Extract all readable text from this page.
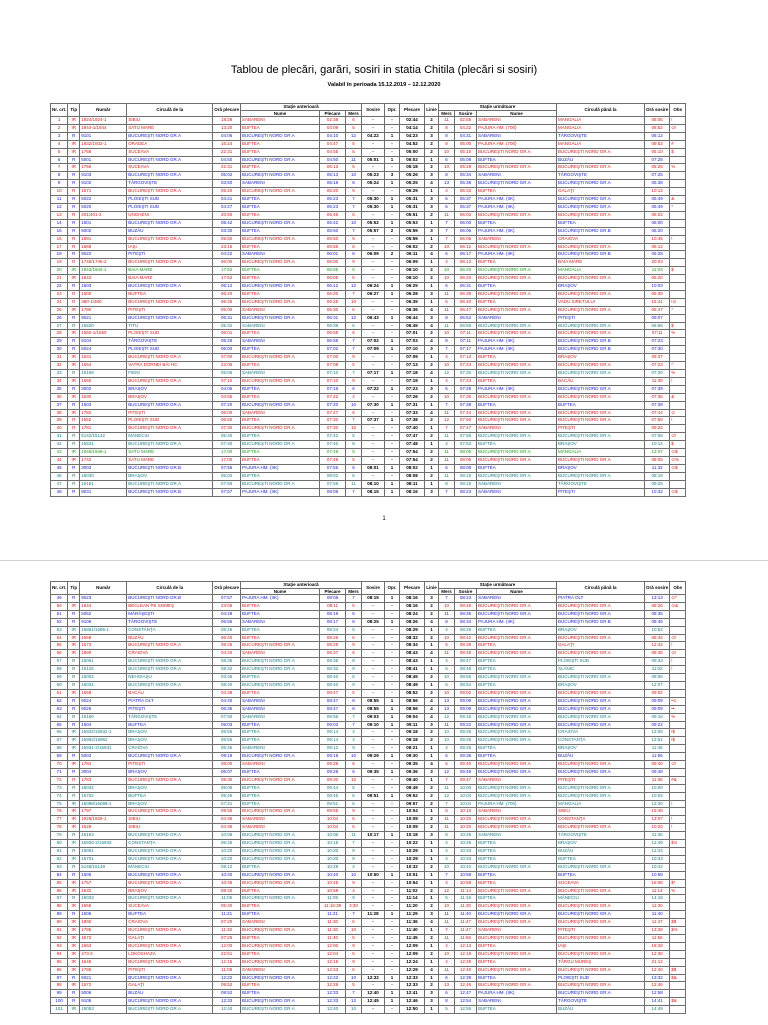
Tablou de plecări, garări, sosiri in statia Chitila (plecări si sosiri)
Valabil în perioada 15.12.2019 – 12.12.2020
Nr. crt.	Tip	Număr	Circulă de la	Oră plecare	Staţie anterioară			Sosire	Opr.	Plecare	Linie	Staţie următoare			Circulă până la	Oră sosire	Obs
					Nume	Plecare	Mers					Mers	Sosire	Nume			
1	IR	1924/1924-1	SIBIU	18:28	SABARENI	02:38	6	-	-	02:44	2	11	02:55	SABARENI	MANGALIA	08:05	!
2	IR	1944-1/1944	SATU MARE	13:20	BUFTEA	04:09	5	-	-	04:14	2	8	04:22	PAJURA HM. (700)	MANGALIA	08:52	⊙!
3	R	9101	BUCUREŞTI NORD GR.A	04:06	BUCUREŞTI NORD GR.A	04:10	12	04:22	1	04:23	3	8	04:31	SABARENI	TÂRGOVIŞTE	06:12	
4	IR	1932/1932-1	ORADEA	16:24	BUFTEA	04:47	5	-	-	04:52	2	8	05:00	PAJURA HM. (700)	MANGALIA	09:53	#
5	IR	1768	SUCEAVA	22:31	BUFTEA	04:55	5	-	-	05:00	2	10	05:10	BUCUREŞTI NORD GR.A	BUCUREŞTI NORD GR.A	05:10	$
6	R	5001	BUCUREŞTI NORD GR.A	04:50	BUCUREŞTI NORD GR.A	04:50	11	05:01	1	05:02	1	6	05:08	BUFTEA	BUZĂU	07:28	
7	IR	1766	SUCEAVA	22:31	BUFTEA	05:13	5	-	-	05:18	2	10	05:28	BUCUREŞTI NORD GR.A	BUCUREŞTI NORD GR.A	05:28	%
8	R	9103	BUCUREŞTI NORD GR.A	05:02	BUCUREŞTI NORD GR.A	05:13	10	05:23	3	05:26	3	8	05:34	SABARENI	TÂRGOVIŞTE	07:25	
9	R	9102	TÂRGOVIŞTE	03:50	SABARENI	05:16	8	05:24	1	05:25	4	13	05:38	BUCUREŞTI NORD GR.A	BUCUREŞTI NORD GR.A	05:38	
10	R	1571	BUCUREŞTI NORD GR.A	05:20	BUCUREŞTI NORD GR.A	05:20	9	-	-	05:29	1	4	05:33	BUFTEA	GALAŢI	10:12	
11	R	5022	PLOIEŞTI SUD	04:21	BUFTEA	05:23	7	05:30	1	05:31	3	6	05:37	PAJURA HM. (IIK)	BUCUREŞTI NORD GR.A	05:49	&
12	R	5020	PLOIEŞTI SUD	04:27	BUFTEA	05:23	7	05:30	1	05:31	3	6	05:37	PAJURA HM. (IIK)	BUCUREŞTI NORD GR.A	05:49	*
13	R	401/401-2	UNGHENI	20:50	BUFTEA	05:46	5	-	-	05:51	2	11	06:02	BUCUREŞTI NORD GR.A	BUCUREŞTI NORD GR.A	06:02	
14	R	1501	BUCUREŞTI NORD GR.A	05:42	BUCUREŞTI NORD GR.A	05:42	10	05:52	1	05:53	1	7	06:00	BUFTEA	BUFTEA	06:00	
15	R	5002	BUZĂU	03:30	BUFTEA	05:50	7	05:57	2	05:59	3	7	06:06	PAJURA HM. (IIK)	BUCUREŞTI NORD GR.B	06:20	
16	R	1891	BUCUREŞTI NORD GR.A	05:50	BUCUREŞTI NORD GR.A	05:50	9	-	-	05:59	1	7	06:06	SABARENI	CRAIOVA	10:45	!
17	R	1668	IAŞI	23:15	BUFTEA	05:56	6	-	-	06:02	2	10	06:12	BUCUREŞTI NORD GR.A	BUCUREŞTI NORD GR.A	06:12	
18	R	9022	PITEŞTI	04:22	SABARENI	06:01	8	06:09	2	06:11	4	6	06:17	PAJURA HM. (IIK)	BUCUREŞTI NORD GR.B	06:28	
19	R	1745/1745-2	BUCUREŞTI NORD GR.A	06:00	BUCUREŞTI NORD GR.A	06:00	9	-	-	06:09	1	4	06:13	BUFTEA	BAIA MARE	20:03	
20	IR	1942/1942-1	BAIA MARE	17:52	BUFTEA	06:05	5	-	-	06:10	2	10	06:20	BUCUREŞTI NORD GR.A	MANGALIA	11:03	$
21	IR	1642	BAIA MARE	17:52	BUFTEA	06:05	5	-	-	06:10	2	10	06:20	BUCUREŞTI NORD GR.A	BUCUREŞTI NORD GR.A	06:20	
22	R	1503	BUCUREŞTI NORD GR.A	06:12	BUCUREŞTI NORD GR.A	06:12	12	06:24	1	06:25	1	6	06:31	BUFTEA	BRAŞOV	10:03	
23	R	1502	BUFTEA	06:20	BUFTEA	06:20	7	06:27	1	06:28	3	11	06:39	BUCUREŞTI NORD GR.A	BUCUREŞTI NORD GR.A	06:39	
24	R	380-1/380	BUCUREŞTI NORD GR.A	06:25	BUCUREŞTI NORD GR.A	06:25	10	-	-	06:35	1	5	06:40	BUFTEA	VADU SIRETULUI	15:41	!⊙
25	IR	1780	PITEŞTI	05:00	SABARENI	06:30	6	-	-	06:36	4	11	06:47	BUCUREŞTI NORD GR.A	BUCUREŞTI NORD GR.A	06:47	*
26	R	9021	BUCUREŞTI NORD GR.A	06:31	BUCUREŞTI NORD GR.A	06:31	12	06:43	1	06:44	3	8	06:52	SABARENI	PITEŞTI	09:07	
27	R	15520	TITU	05:32	SABARENI	06:39	6	-	-	06:45	4	11	06:56	BUCUREŞTI NORD GR.A	BUCUREŞTI NORD GR.A	06:56	$
28	IR	1550-1/1550	PLOIEŞTI SUD	06:01	BUFTEA	06:55	6	-	-	07:01	2	10	07:11	BUCUREŞTI NORD GR.A	BUCUREŞTI NORD GR.A	07:11	%
29	R	9104	TÂRGOVIŞTE	05:26	SABARENI	06:55	7	07:02	1	07:03	4	8	07:11	PAJURA HM. (IIK)	BUCUREŞTI NORD GR.B	07:23	
30	R	5024	PLOIEŞTI SUD	06:00	BUFTEA	07:02	7	07:09	1	07:10	3	7	07:17	PAJURA HM. (IIK)	BUCUREŞTI NORD GR.B	07:30	
31	IR	1631	BUCUREŞTI NORD GR.A	07:00	BUCUREŞTI NORD GR.A	07:00	9	-	-	07:09	1	4	07:13	BUFTEA	BRAŞOV	09:37	
32	IR	1654	VATRA DORNEI BĂI HC.	22:05	BUFTEA	07:08	5	-	-	07:13	2	10	07:23	BUCUREŞTI NORD GR.A	BUCUREŞTI NORD GR.A	07:23	^
33	R	15158	FIENI	05:05	SABARENI	07:10	7	07:17	1	07:18	4	12	07:30	BUCUREŞTI NORD GR.A	BUCUREŞTI NORD GR.A	07:30	%
34	IR	1650	BUCUREŞTI NORD GR.A	07:10	BUCUREŞTI NORD GR.A	07:10	9	-	-	07:19	1	4	07:23	BUFTEA	BACĂU	11:39	!
35	R	3002	BRAŞOV	04:05	BUFTEA	07:16	6	07:22	1	07:23	3	6	07:29	PAJURA HM. (IIK)	BUCUREŞTI NORD GR.A	07:39	
36	IR	1630	BRAŞOV	04:55	BUFTEA	07:22	4	-	-	07:26	2	10	07:36	BUCUREŞTI NORD GR.A	BUCUREŞTI NORD GR.A	07:36	&
37	R	1503	BUCUREŞTI NORD GR.A	07:20	BUCUREŞTI NORD GR.A	07:20	10	07:30	1	07:31	1	7	07:38	BUFTEA	BUFTEA	07:38	
38	IR	1782	PITEŞTI	06:00	SABARENI	07:27	6	-	-	07:33	4	11	07:44	BUCUREŞTI NORD GR.A	BUCUREŞTI NORD GR.A	07:44	⊙
39	R	1552	PLOIEŞTI SUD	06:50	BUFTEA	07:30	7	07:37	1	07:38	2	12	07:50	BUCUREŞTI NORD GR.A	BUCUREŞTI NORD GR.A	07:50	!
40	R	1781	BUCUREŞTI NORD GR.A	07:30	BUCUREŞTI NORD GR.A	07:30	10	-	-	07:40	1	7	07:47	SABARENI	PITEŞTI	09:22	
41	R	5142/15142	MĂNECIU	05:40	BUFTEA	07:42	5	-	-	07:47	2	11	07:58	BUCUREŞTI NORD GR.A	BUCUREŞTI NORD GR.A	07:58	⊙!
42	R	15531	BUCUREŞTI NORD GR.A	07:40	BUCUREŞTI NORD GR.A	07:40	8	-	-	07:48	1	4	07:52	BUFTEA	BRAŞOV	10:14	$
43	IR	1946/1946-1	SATU MARE	17:00	BUFTEA	07:49	5	-	-	07:54	2	11	08:05	BUCUREŞTI NORD GR.A	MANGALIA	13:07	⊙$
44	IR	1742	SATU MARE	17:00	BUFTEA	07:49	5	-	-	07:54	2	11	08:05	BUCUREŞTI NORD GR.A	BUCUREŞTI NORD GR.A	08:05	⊙%
45	R	3003	BUCUREŞTI NORD GR.B	07:55	PAJURA HM. (IIK)	07:55	6	08:01	1	08:02	1	6	08:08	BUFTEA	BRAŞOV	11:32	⊙$
46	R	16030	BRAŞOV	05:02	BUFTEA	08:02	6	-	-	08:08	2	11	08:19	BUCUREŞTI NORD GR.A	BUCUREŞTI NORD GR.A	08:19	
47	R	15161	BUCUREŞTI NORD GR.A	07:59	BUCUREŞTI NORD GR.A	07:59	11	08:10	1	08:11	1	8	08:19	SABARENI	TÂRGOVIŞTE	09:25	
48	R	9031	BUCUREŞTI NORD GR.B	07:57	PAJURA HM. (IIK)	08:08	7	08:15	1	08:16	3	7	08:23	SABARENI	PITEŞTI	10:32	⊙$
1
Nr. crt.	Tip	Număr	Circulă de la	Oră plecare	Staţie anterioară			Sosire	Opr.	Plecare	Linie	Staţie următoare			Circulă până la	Oră sosire	Obs
					Nume	Plecare	Mers					Mers	Sosire	Nume			
49	R	9023	BUCUREŞTI NORD GR.B	07:57	PAJURA HM. (IIK)	08:08	7	08:15	1	08:16	3	7	08:23	SABARENI	PIATRA OLT	13:13	⊙^
50	IR	1644	BECLEAN PE SOMEŞ	23:06	BUFTEA	08:11	5	-	-	08:16	2	10	08:26	BUCUREŞTI NORD GR.A	BUCUREŞTI NORD GR.A	08:26	⊙&
51	R	5052	MĂRĂŞEŞTI	04:28	BUFTEA	08:19	5	-	-	08:24	2	11	08:35	BUCUREŞTI NORD GR.A	BUCUREŞTI NORD GR.A	08:35	
52	R	9106	TÂRGOVIŞTE	06:55	SABARENI	08:17	8	08:25	1	08:26	4	8	08:34	PAJURA HM. (IIK)	BUCUREŞTI NORD GR.B	08:45	
53	IR	15861/1586-1	CONSTANŢA	05:45	BUFTEA	08:24	5	-	-	08:29	1	4	08:29	BUFTEA	BRAŞOV	10:52	
54	IR	1558	BUZĂU	06:40	BUFTEA	08:26	6	-	-	08:32	2	10	08:42	BUCUREŞTI NORD GR.A	BUCUREŞTI NORD GR.A	08:42	⊙!
55	IR	1573	BUCUREŞTI NORD GR.A	08:25	BUCUREŞTI NORD GR.A	08:25	9	-	-	08:34	1	5	08:39	BUFTEA	GALAŢI	12:42	!
56	IR	1890	CRAIOVA	04:20	SABARENI	08:37	6	-	-	08:43	4	11	08:48	BUCUREŞTI NORD GR.A	BUCUREŞTI NORD GR.A	08:48	⊙!
57	R	15061	BUCUREŞTI NORD GR.A	08:35	BUCUREŞTI NORD GR.A	08:35	8	-	-	08:43	1	4	08:47	BUFTEA	PLOIEŞTI SUD	09:33	!
58	R	15125	BUCUREŞTI NORD GR.A	08:32	BUCUREŞTI NORD GR.A	08:32	9	-	-	08:41	1	5	08:46	BUFTEA	SLĂNIC	11:02	!
59	R	15002	NEHOIAŞU	03:45	BUFTEA	08:40	5	-	-	08:45	2	10	08:55	BUCUREŞTI NORD GR.A	BUCUREŞTI NORD GR.A	08:55	
60	R	16031	BUCUREŞTI NORD GR.A	08:40	BUCUREŞTI NORD GR.A	08:40	9	-	-	08:49	1	5	08:54	BUFTEA	BRAŞOV	12:07	
61	IR	1658	BACĂU	04:38	BUFTEA	08:47	5	-	-	08:52	2	10	09:02	BUCUREŞTI NORD GR.A	BUCUREŞTI NORD GR.A	09:02	
62	R	9024	PIATRA OLT	04:40	SABARENI	08:47	8	08:55	1	08:56	4	13	09:09	BUCUREŞTI NORD GR.A	BUCUREŞTI NORD GR.A	09:09	•⊙
63	R	9026	PITEŞTI	06:35	SABARENI	08:47	8	08:55	1	08:56	4	13	09:09	BUCUREŞTI NORD GR.A	BUCUREŞTI NORD GR.A	09:09	••
64	R	15160	TÂRGOVIŞTE	07:50	SABARENI	08:56	7	09:03	1	09:04	4	12	09:16	BUCUREŞTI NORD GR.A	BUCUREŞTI NORD GR.A	09:16	%
65	R	1504	BUFTEA	09:03	BUFTEA	09:03	7	09:10	1	09:11	3	11	09:22	BUCUREŞTI NORD GR.A	BUCUREŞTI NORD GR.A	09:22	
66	IR	15932/15932-1	BRAŞOV	06:55	BUFTEA	09:14	4	-	-	09:18	2	10	09:28	BUCUREŞTI NORD GR.A	CRAIOVA	13:05	!$
67	IR	15962/15962	BRAŞOV	06:55	BUFTEA	09:14	4	-	-	09:18	2	10	09:28	BUCUREŞTI NORD GR.A	CONSTANŢA	13:51	!$
68	IR	15931-2/15931	CRAIOVA	05:45	SABARENI	09:12	9	-	-	09:21	1	4	09:25	BUFTEA	BRAŞOV	11:45	
69	R	5003	BUCUREŞTI NORD GR.A	09:19	BUCUREŞTI NORD GR.A	09:19	10	09:29	1	09:30	1	6	09:36	BUFTEA	BUZĂU	11:56	
70	IR	1784	PITEŞTI	08:00	SABARENI	09:29	6	-	-	09:35	4	5	09:40	BUCUREŞTI NORD GR.A	BUCUREŞTI NORD GR.A	09:40	⊙!
71	R	3004	BRAŞOV	06:07	BUFTEA	09:29	6	09:35	1	09:36	3	12	09:48	BUCUREŞTI NORD GR.A	BUCUREŞTI NORD GR.A	09:48	
72	R	1783	BUCUREŞTI NORD GR.A	09:30	BUCUREŞTI NORD GR.A	09:30	10	-	-	09:40	1	7	09:47	SABARENI	PITEŞTI	11:36	#&
73	R	16032	BRAŞOV	06:05	BUFTEA	09:44	5	-	-	09:49	2	11	10:00	BUCUREŞTI NORD GR.A	BUCUREŞTI NORD GR.A	10:00	
74	R	15702	BUFTEA	09:45	BUFTEA	09:45	6	09:51	1	09:52	2	12	10:04	BUCUREŞTI NORD GR.A	BUCUREŞTI NORD GR.A	10:04	
75	IR	16088/16088-1	BRAŞOV	07:21	BUFTEA	09:51	6	-	-	09:57	2	7	10:04	PAJURA HM. (700)	MANGALIA	13:30	!
76	IR	1797	BUCUREŞTI NORD GR.A	09:55	BUCUREŞTI NORD GR.A	09:55	9	-	-	10:04	1	6	10:10	SABARENI	SIBIU	15:48	
77	IR	1928/1928-1	SIBIU	04:36	SABARENI	10:04	5	-	-	10:09	2	11	10:20	BUCUREŞTI NORD GR.A	CONSTANŢA	13:07	!
78	IR	1528	SIBIU	04:36	SABARENI	10:04	5	-	-	10:09	2	11	10:20	BUCUREŞTI NORD GR.A	BUCUREŞTI NORD GR.A	10:20	!
79	R	15163	BUCUREŞTI NORD GR.A	10:06	BUCUREŞTI NORD GR.A	10:06	11	10:17	1	10:18	3	8	10:26	SABARENI	TÂRGOVIŞTE	11:35	
80	IR	15933-2/15933	CONSTANŢA	06:45	BUCUREŞTI NORD GR.A	10:15	7	-	-	10:22	1	4	10:26	BUFTEA	BRAŞOV	12:49	$⊙
81	R	15051	BUCUREŞTI NORD GR.A	10:20	BUCUREŞTI NORD GR.A	10:20	9	-	-	10:29	1	4	10:33	BUFTEA	BUZĂU	12:24	
82	IR	15701	BUCUREŞTI NORD GR.A	10:20	BUCUREŞTI NORD GR.A	10:20	9	-	-	10:29	1	4	10:33	BUFTEA	BUFTEA	10:33	
83	R	5148/15148	MĂNECIU	08:12	BUFTEA	10:28	4	-	-	10:32	2	10	10:42	BUCUREŞTI NORD GR.A	BUCUREŞTI NORD GR.A	10:42	
84	R	1505	BUCUREŞTI NORD GR.A	10:40	BUCUREŞTI NORD GR.A	10:40	10	10:50	1	10:51	1	7	10:58	BUFTEA	BUFTEA	10:58	
85	IR	1757	BUCUREŞTI NORD GR.A	10:45	BUCUREŞTI NORD GR.A	10:45	9	-	-	10:54	1	4	10:58	BUFTEA	SUCEAVA	18:06	$*
86	IR	1632	BRAŞOV	08:40	BUFTEA	10:58	4	-	-	11:02	2	12	11:14	BUCUREŞTI NORD GR.A	BUCUREŞTI NORD GR.A	11:14	%
87	R	15033	BUCUREŞTI NORD GR.A	11:05	BUCUREŞTI NORD GR.A	11:05	9	-	-	11:14	1	5	11:19	BUFTEA	MĂNECIU	14:18	
88	IR	1656	SUCEAVA	05:40	BUFTEA	11:16:39	3:30	-	-	11:20	2	10	11:30	BUCUREŞTI NORD GR.A	BUCUREŞTI NORD GR.A	11:30	
89	R	1506	BUFTEA	11:21	BUFTEA	11:21	7	11:28	1	11:29	3	11	11:40	BUCUREŞTI NORD GR.A	BUCUREŞTI NORD GR.A	11:40	
90	IR	1892	CRAIOVA	07:20	SABARENI	11:30	6	-	-	11:36	4	11	11:47	BUCUREŞTI NORD GR.A	BUCUREŞTI NORD GR.A	11:47	$$
91	IR	1785	BUCUREŞTI NORD GR.A	11:30	BUCUREŞTI NORD GR.A	11:30	10	-	-	11:40	1	7	11:47	SABARENI	PITEŞTI	13:28	$%
92	IR	1572	GALAŢI	07:25	BUFTEA	11:40	5	-	-	11:45	2	11	11:56	BUCUREŞTI NORD GR.A	BUCUREŞTI NORD GR.A	11:56	
93	IR	1663	BUCUREŞTI NORD GR.A	12:00	BUCUREŞTI NORD GR.A	12:00	9	-	-	12:09	1	4	12:13	BUFTEA	IAŞI	18:28	
94	IR	473-2	LOKOSHAZA	22:51	BUFTEA	12:04	5	-	-	12:09	2	10	12:19	BUCUREŞTI NORD GR.A	BUCUREŞTI NORD GR.A	12:30	
95	IR	1645	BUCUREŞTI NORD GR.A	12:15	BUCUREŞTI NORD GR.A	12:15	9	-	-	12:24	1	4	12:28	BUFTEA	TÂRGU MUREŞ	21:12	
96	IR	1786	PITEŞTI	11:08	SABARENI	12:23	6	-	-	12:29	4	11	12:40	BUCUREŞTI NORD GR.A	BUCUREŞTI NORD GR.A	12:40	$$
97	R	5021	BUCUREŞTI NORD GR.A	12:22	BUCUREŞTI NORD GR.A	12:22	10	12:32	1	12:33	1	6	12:39	BUFTEA	PLOIEŞTI SUD	13:32	$&
98	IR	1572	GALAŢI	09:52	BUFTEA	12:28	5	-	-	12:33	2	13	12:46	BUCUREŞTI NORD GR.A	BUCUREŞTI NORD GR.A	12:46	
99	R	5006	BUZĂU	09:52	BUFTEA	12:33	7	12:40	1	12:41	3	6	12:47	PAJURA HM. (IIK)	BUCUREŞTI NORD GR.A	12:58	
100	R	9105	BUCUREŞTI NORD GR.A	12:33	BUCUREŞTI NORD GR.A	12:33	12	12:45	1	12:46	3	8	12:54	SABARENI	TÂRGOVIŞTE	14:41	$&
101	IR	15053	BUCUREŞTI NORD GR.A	12:40	BUCUREŞTI NORD GR.A	12:40	10	-	-	12:50	1	5	12:55	BUFTEA	BUZĂU	14:49	
